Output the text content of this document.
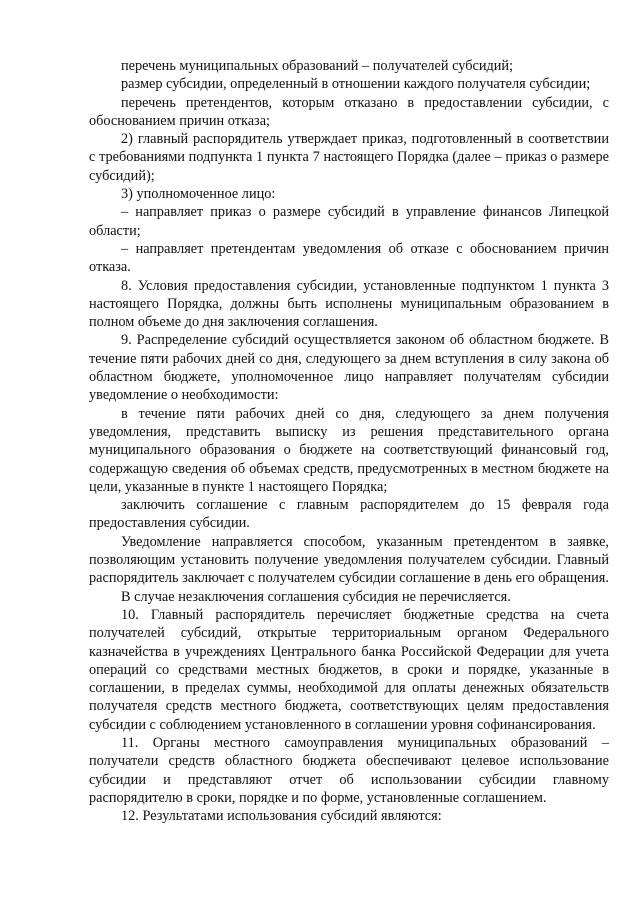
перечень муниципальных образований – получателей субсидий;

размер субсидии, определенный в отношении каждого получателя субсидии;

перечень претендентов, которым отказано в предоставлении субсидии, с обоснованием причин отказа;

2) главный распорядитель утверждает приказ, подготовленный в соответствии с требованиями подпункта 1 пункта 7 настоящего Порядка (далее – приказ о размере субсидий);

3) уполномоченное лицо:

– направляет приказ о размере субсидий в управление финансов Липецкой области;

– направляет претендентам уведомления об отказе с обоснованием причин отказа.

8. Условия предоставления субсидии, установленные подпунктом 1 пункта 3 настоящего Порядка, должны быть исполнены муниципальным образованием в полном объеме до дня заключения соглашения.

9. Распределение субсидий осуществляется законом об областном бюджете. В течение пяти рабочих дней со дня, следующего за днем вступления в силу закона об областном бюджете, уполномоченное лицо направляет получателям субсидии уведомление о необходимости:

в течение пяти рабочих дней со дня, следующего за днем получения уведомления, представить выписку из решения представительного органа муниципального образования о бюджете на соответствующий финансовый год, содержащую сведения об объемах средств, предусмотренных в местном бюджете на цели, указанные в пункте 1 настоящего Порядка;

заключить соглашение с главным распорядителем до 15 февраля года предоставления субсидии.

Уведомление направляется способом, указанным претендентом в заявке, позволяющим установить получение уведомления получателем субсидии. Главный распорядитель заключает с получателем субсидии соглашение в день его обращения.

В случае незаключения соглашения субсидия не перечисляется.

10. Главный распорядитель перечисляет бюджетные средства на счета получателей субсидий, открытые территориальным органом Федерального казначейства в учреждениях Центрального банка Российской Федерации для учета операций со средствами местных бюджетов, в сроки и порядке, указанные в соглашении, в пределах суммы, необходимой для оплаты денежных обязательств получателя средств местного бюджета, соответствующих целям предоставления субсидии с соблюдением установленного в соглашении уровня софинансирования.

11. Органы местного самоуправления муниципальных образований – получатели средств областного бюджета обеспечивают целевое использование субсидии и представляют отчет об использовании субсидии главному распорядителю в сроки, порядке и по форме, установленные соглашением.

12. Результатами использования субсидий являются:
